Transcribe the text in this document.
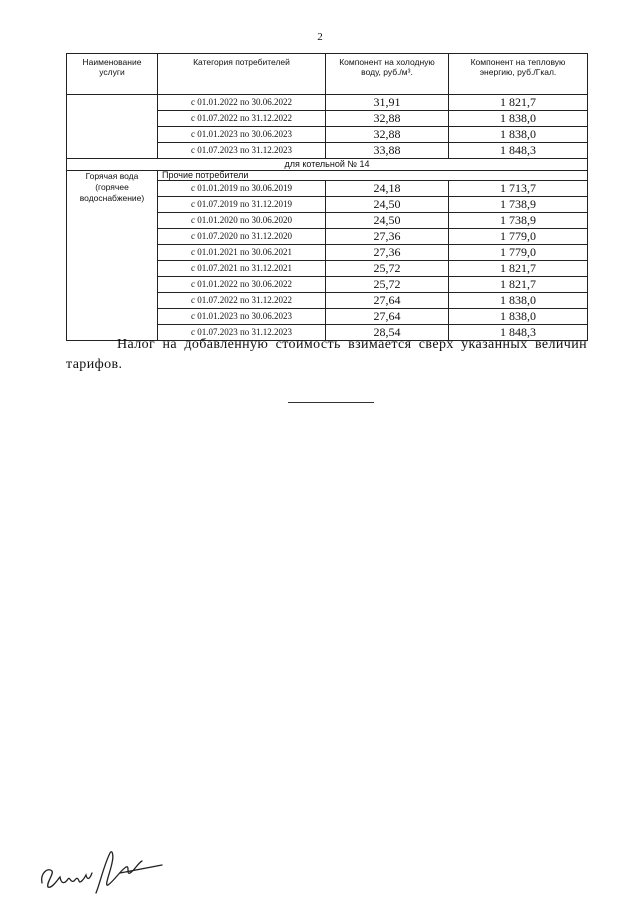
2
Наименование услуги	Категория потребителей	Компонент на холодную воду, руб./м³.	Компонент на тепловую энергию, руб./Гкал.
	с 01.01.2022 по 30.06.2022	31,91	1 821,7
	с 01.07.2022 по 31.12.2022	32,88	1 838,0
	с 01.01.2023 по 30.06.2023	32,88	1 838,0
	с 01.07.2023 по 31.12.2023	33,88	1 848,3
для котельной № 14			
Горячая вода (горячее водоснабжение)	Прочие потребители		
	с 01.01.2019 по 30.06.2019	24,18	1 713,7
	с 01.07.2019 по 31.12.2019	24,50	1 738,9
	с 01.01.2020 по 30.06.2020	24,50	1 738,9
	с 01.07.2020 по 31.12.2020	27,36	1 779,0
	с 01.01.2021 по 30.06.2021	27,36	1 779,0
	с 01.07.2021 по 31.12.2021	25,72	1 821,7
	с 01.01.2022 по 30.06.2022	25,72	1 821,7
	с 01.07.2022 по 31.12.2022	27,64	1 838,0
	с 01.01.2023 по 30.06.2023	27,64	1 838,0
	с 01.07.2023 по 31.12.2023	28,54	1 848,3
Налог на добавленную стоимость взимается сверх указанных величин тарифов.
